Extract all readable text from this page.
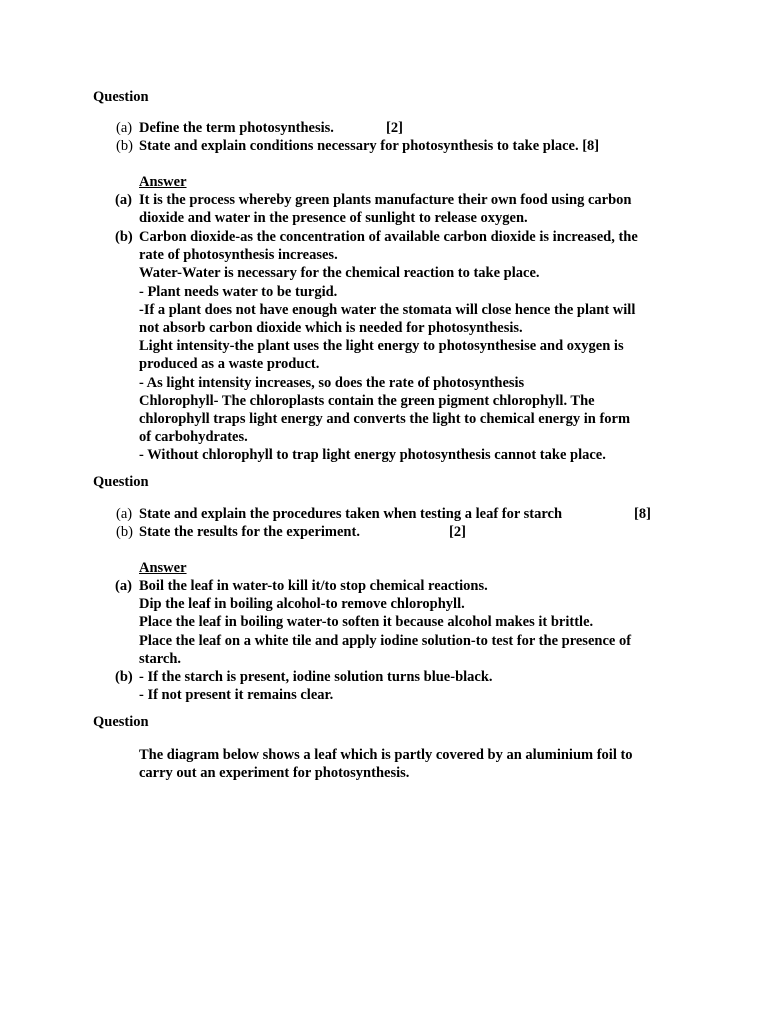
Question
(a) Define the term photosynthesis.	[2]
(b) State and explain conditions necessary for photosynthesis to take place. [8]
Answer
(a) It is the process whereby green plants manufacture their own food using carbon
dioxide and water in the presence of sunlight to release oxygen.
(b) Carbon dioxide-as the concentration of available carbon dioxide is increased, the
rate of photosynthesis increases.
Water-Water is necessary for the chemical reaction to take place.
- Plant needs water to be turgid.
-If a plant does not have enough water the stomata will close hence the plant will
not absorb carbon dioxide which is needed for photosynthesis.
Light intensity-the plant uses the light energy to photosynthesise and oxygen is
produced as a waste product.
- As light intensity increases, so does the rate of photosynthesis
Chlorophyll- The chloroplasts contain the green pigment chlorophyll. The
chlorophyll traps light energy and converts the light to chemical energy in form
of carbohydrates.
- Without chlorophyll to trap light energy photosynthesis cannot take place.
Question
(a) State and explain the procedures taken when testing a leaf for starch	[8]
(b) State the results for the experiment.	[2]
Answer
(a) Boil the leaf in water-to kill it/to stop chemical reactions.
Dip the leaf in boiling alcohol-to remove chlorophyll.
Place the leaf in boiling water-to soften it because alcohol makes it brittle.
Place the leaf on a white tile and apply iodine solution-to test for the presence of
starch.
(b) - If the starch is present, iodine solution turns blue-black.
- If not present it remains clear.
Question
The diagram below shows a leaf which is partly covered by an aluminium foil to
carry out an experiment for photosynthesis.
